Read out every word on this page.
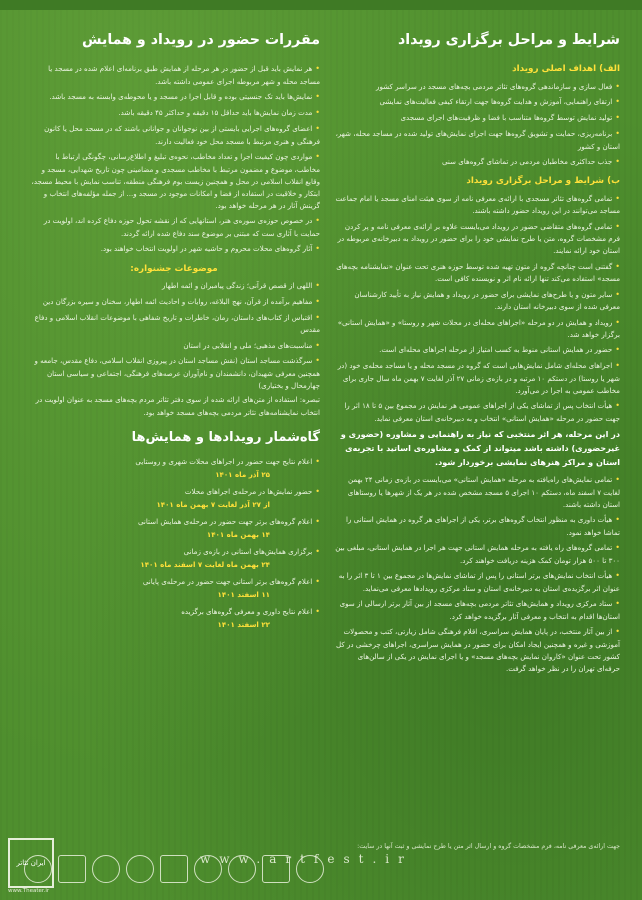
شرایط و مراحل برگزاری رویداد
الف) اهداف اصلی رویداد

•فعال سازی و سازماندهی گروه‌های تئاتر مردمی بچه‌های مسجد در سراسر کشور

•ارتقای راهنمایی، آموزش و هدایت گروه‌ها جهت ارتقاء کیفی فعالیت‌های نمایشی

•تولید نمایش توسط گروه‌ها متناسب با فضا و ظرفیت‌های اجرای مسجدی

•برنامه‌ریزی، حمایت و تشویق گروه‌ها جهت اجرای نمایش‌های تولید شده در مساجد محله، شهر، استان و کشور

•جذب حداکثری مخاطبان مردمی در تماشای گروه‌های سنی

ب) شرایط و مراحل برگزاری رویداد

•تمامی گروه‌های تئاتر مسجدی با ارائه‌ی معرفی نامه از سوی هیئت امنای مسجد یا امام جماعت مساجد می‌توانند در این رویداد حضور داشته باشند.

•تمامی گروه‌های متقاضی حضور در رویداد می‌بایست علاوه بر ارائه‌ی معرفی نامه و پر کردن فرم مشخصات گروه، متن یا طرح نمایشی خود را برای حضور در رویداد به دبیرخانه‌ی مربوطه در استان خود ارائه نمایند.

•گفتنی است چنانچه گروه از متون تهیه شده توسط حوزه هنری تحت عنوان «نمایشنامه بچه‌های مسجد» استفاده می‌کند تنها ارائه نام اثر و نویسنده کافی است.

•سایر متون و یا طرح‌های نمایشی برای حضور در رویداد و همایش نیاز به تأیید کارشناسان معرفی شده از سوی دبیرخانه استان دارند.

•رویداد و همایش در دو مرحله «اجراهای محله‌ای در محلات شهر و روستا» و «همایش استانی» برگزار خواهد شد.

•حضور در همایش استانی منوط به کسب امتیاز از مرحله اجراهای محله‌ای است.

•اجراهای محله‌ای شامل نمایش‌هایی است که گروه در مسجد محله و یا مساجد محله‌ی خود (در شهر یا روستا) در دستکم ۱۰ مرتبه و در بازه‌ی زمانی ۲۷ آذر لغایت ۷ بهمن ماه سال جاری برای مخاطب عمومی به اجرا در می‌آورد.

•هیأت انتخاب پس از تماشای یکی از اجراهای عمومی هر نمایش در مجموع بین ۵ تا ۱۸ اثر را جهت حضور در مرحله «همایش استانی» انتخاب و به دبیرخانه‌ی استان معرفی نماید.

در این مرحله، هر اثر منتخبی که نیاز به راهنمایی و مشاوره (حضوری و غیرحضوری) داشته باشد میتواند از کمک و مشاوره‌ی اساتید با تجربه‌ی استان و مراکز هنرهای نمایشی برخوردار شود.

•تمامی نمایش‌های راه‌یافته به مرحله «همایش استانی» می‌بایست در بازه‌ی زمانی ۲۴ بهمن لغایت ۷ اسفند ماه، دستکم ۱۰ اجرای ۵ مسجد مشخص شده در هر یک از شهرها یا روستاهای استان داشته باشند.

•هیأت داوری به منظور انتخاب گروه‌های برتر، یکی از اجراهای هر گروه در همایش استانی را تماشا خواهد نمود.

•تمامی گروه‌های راه یافته به مرحله همایش استانی جهت هر اجرا در همایش استانی، مبلغی بین ۳۰۰ تا ۵۰۰ هزار تومان کمک هزینه دریافت خواهند کرد.

•هیأت انتخاب نمایش‌های برتر استانی را پس از تماشای نمایش‌ها در مجموع بین ۱ تا ۳ اثر را به عنوان اثر برگزیده‌ی استان به دبیرخانه‌ی استان و ستاد مرکزی رویدادها معرفی می‌نماید.

•ستاد مرکزی رویداد و همایش‌های تئاتر مردمی بچه‌های مسجد از بین آثار برتر ارسالی از سوی استان‌ها اقدام به انتخاب و معرفی آثار برگزیده خواهد کرد.

•از بین آثار منتخب، در پایان همایش سراسری، اقلام فرهنگی شامل زیارتی، کتب و محصولات آموزشی و غیره و همچنین ایجاد امکان برای حضور در همایش سراسری، اجراهای چرخشی در کل کشور تحت عنوان «کاروان نمایش بچه‌های مسجد» و یا اجرای نمایش در یکی از سالن‌های حرفه‌ای تهران را در نظر خواهد گرفت.

مقررات حضور در رویداد و همایش

•هر نمایش باید قبل از حضور در هر مرحله از همایش طبق برنامه‌ای اعلام شده در مسجد یا مساجد محله و شهر مربوطه اجرای عمومی داشته باشد.

•نمایش‌ها باید تک جنسیتی بوده و قابل اجرا در مسجد و یا محوطه‌ی وابسته به مسجد باشد.

•مدت زمان نمایش‌ها باید حداقل ۱۵ دقیقه و حداکثر ۴۵ دقیقه باشد.

•اعضای گروه‌های اجرایی بایستی از بین نوجوانان و جوانانی باشند که در مسجد محل یا کانون فرهنگی و هنری مرتبط با مسجد محل خود فعالیت دارند.

•مواردی چون کیفیت اجرا و تعداد مخاطب، نحوه‌ی تبلیغ و اطلاع‌رسانی، چگونگی ارتباط با مخاطب، موضوع و مضمون مرتبط با مخاطب مسجدی و مضامینی چون تاریخ شهدایی، مسجد و وقایع انقلاب اسلامی در محل و همچنین زیست بوم فرهنگی منطقه، تناسب نمایش با محیط مسجد، ابتکار و خلاقیت در استفاده از فضا و امکانات موجود در مسجد و... از جمله مؤلفه‌های انتخاب و گزینش آثار در هر مرحله خواهد بود.

•در خصوص حوزه‌ی سوره‌ی هنر، استانهایی که از نقشه تحول حوزه دفاع کرده اند، اولویت در حمایت با آثاری ست که مبتنی بر موضوع سند دفاع شده ارائه گردند.

•آثار گروه‌های محلات محروم و حاشیه شهر در اولویت انتخاب خواهند بود.

موضوعات جشنواره:

•اللهی از قصص قرآنی؛ زندگی پیامبران و ائمه اطهار

•مفاهیم برآمده از قرآن، نهج البلاغه، روایات و احادیث ائمه اطهار، سخنان و سیره بزرگان دین

•اقتباس از کتاب‌های داستان، رمان، خاطرات و تاریخ شفاهی با موضوعات انقلاب اسلامی و دفاع مقدس

•مناسبت‌های مذهبی؛ ملی و انقلابی در استان

•سرگذشت مساجد استان (نقش مساجد استان در پیروزی انقلاب اسلامی، دفاع مقدس، جامعه و همچنین معرفی شهیدان، دانشمندان و نام‌آوران عرصه‌های فرهنگی، اجتماعی و سیاسی استان چهارمحال و بختیاری)

تبصره: استفاده از متن‌های ارائه شده از سوی دفتر تئاتر مردم بچه‌های مسجد به عنوان اولویت در انتخاب نمایشنامه‌های تئاتر مردمی بچه‌های مسجد خواهد بود.

گاه‌شمار رویدادها و همایش‌ها
•اعلام نتایج جهت حضور در اجراهای محلات شهری و روستایی
۲۵ آذر ماه ۱۴۰۱
•حضور نمایش‌ها در مرحله‌ی اجراهای محلات
از ۲۷ آذر لغایت ۷ بهمن ماه ۱۴۰۱
•اعلام گروه‌های برتر جهت حضور در مرحله‌ی همایش استانی
۱۴ بهمن ماه ۱۴۰۱
•برگزاری همایش‌های استانی در بازه‌ی زمانی
۲۴ بهمن ماه لغایت ۷ اسفند ماه ۱۴۰۱
•اعلام گروه‌های برتر استانی جهت حضور در مرحله‌ی پایانی
۱۱ اسفند ۱۴۰۱
•اعلام نتایج داوری و معرفی گروه‌های برگزیده
۲۲ اسفند ۱۴۰۱
جهت ارائه‌ی معرفی نامه، فرم مشخصات گروه و ارسال اثر متن یا طرح نمایشی و ثبت آنها در سایت:
www.artfest.ir
ایران تئاتر
www.Theater.ir
